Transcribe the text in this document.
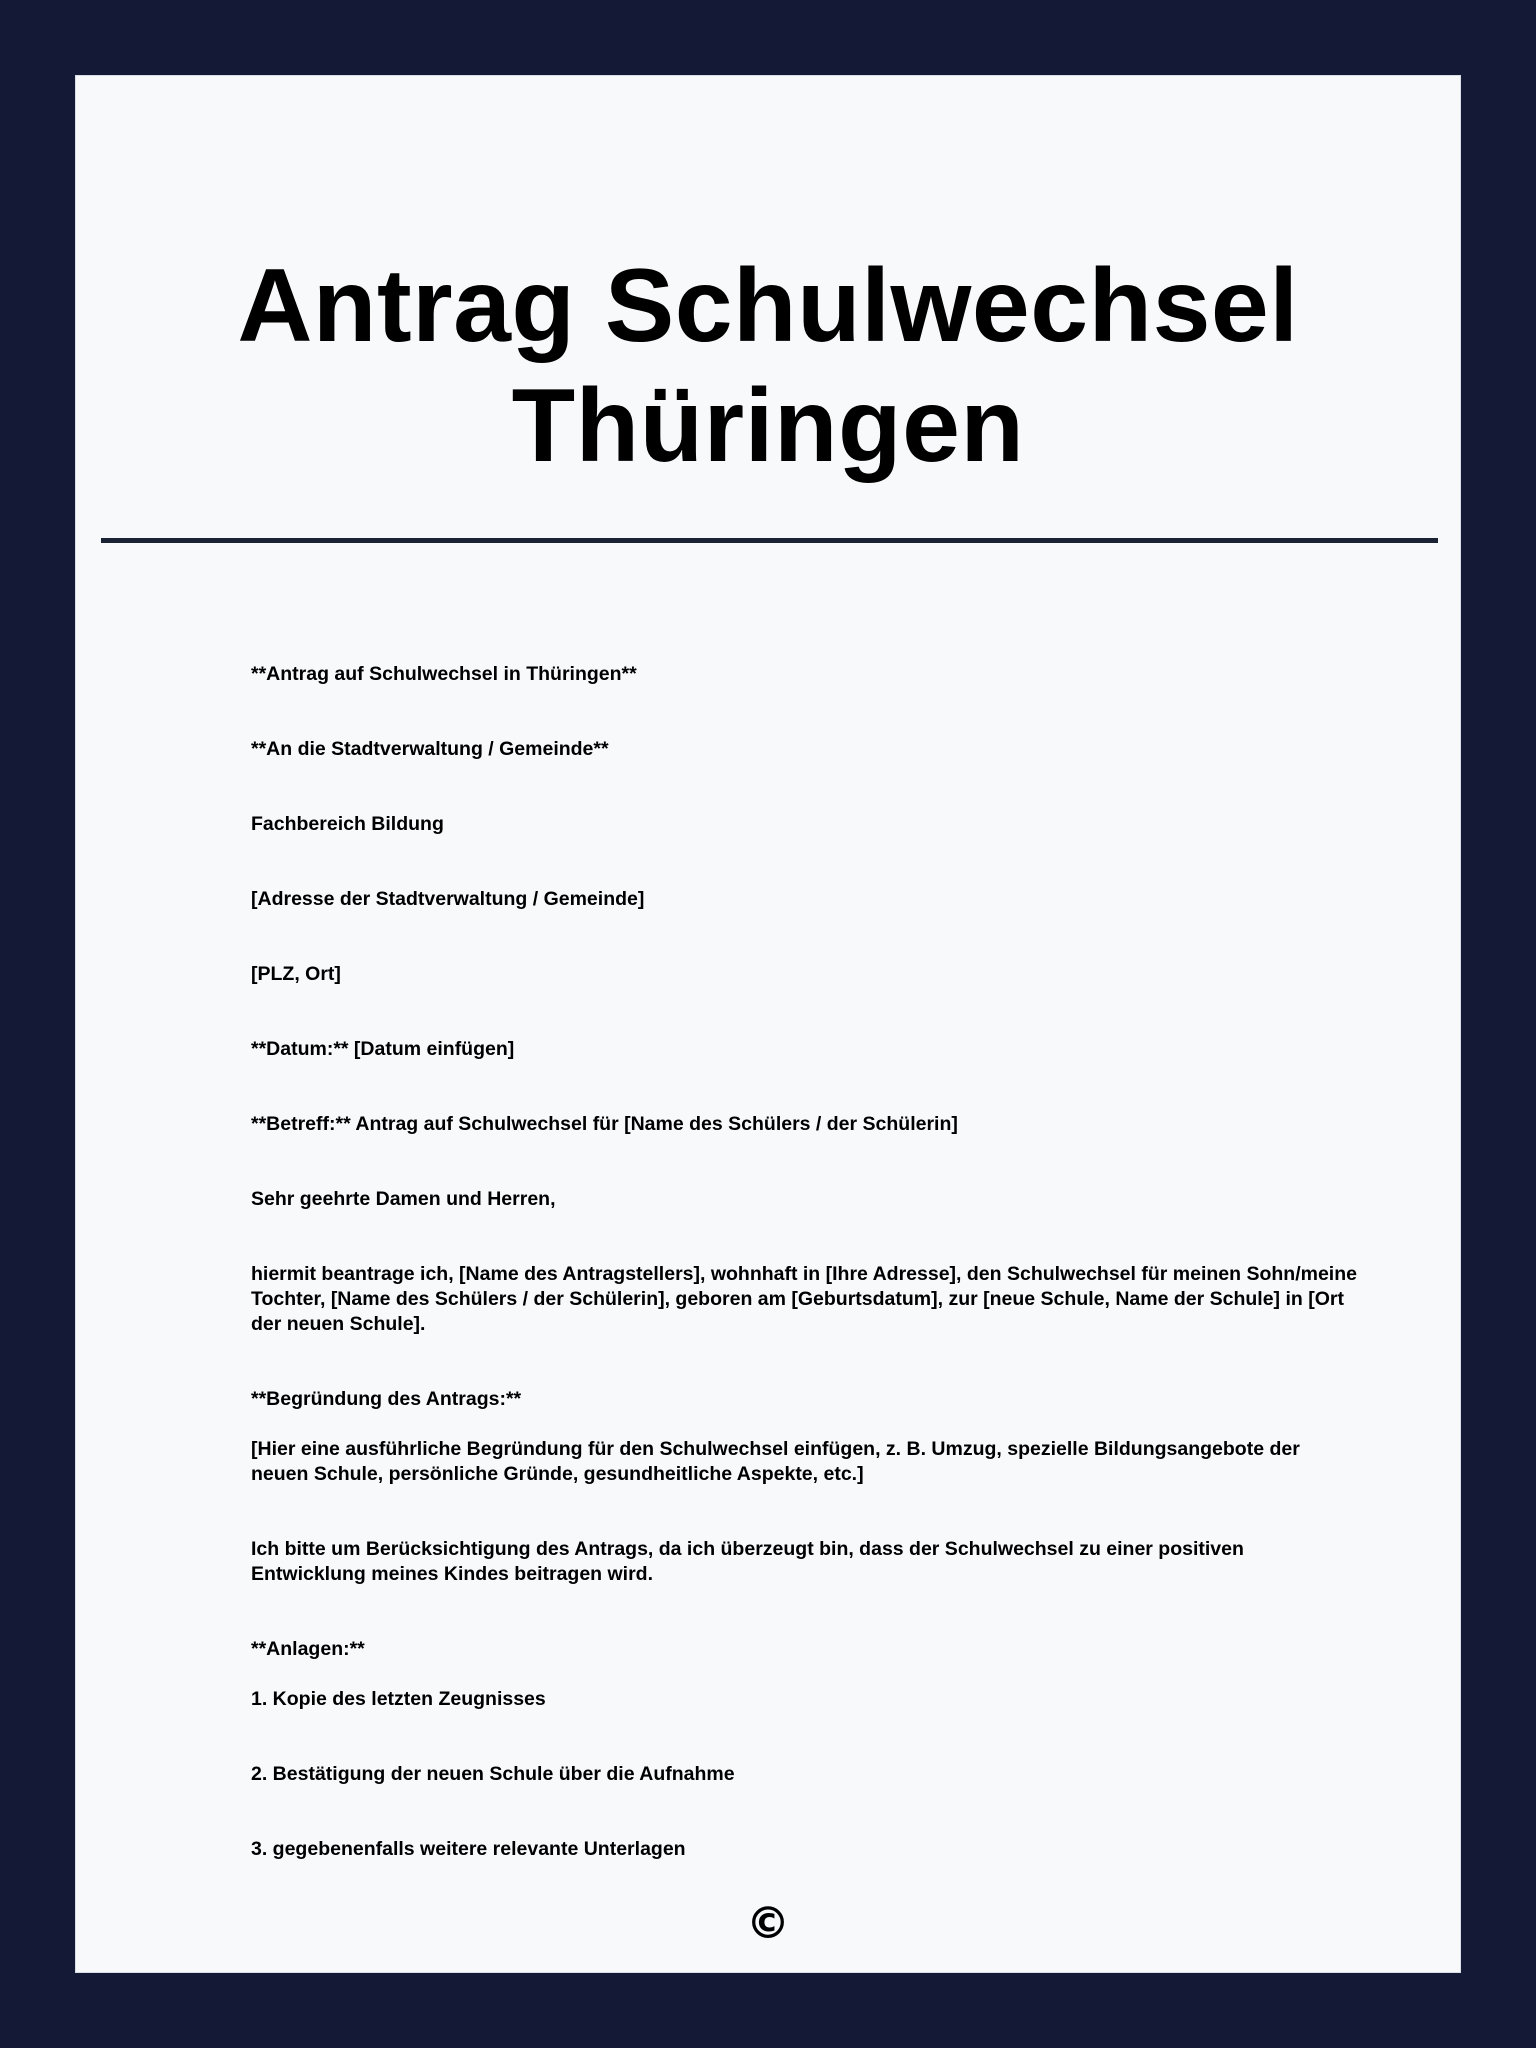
Antrag Schulwechsel
Thüringen
**Antrag auf Schulwechsel in Thüringen**
**An die Stadtverwaltung / Gemeinde**
Fachbereich Bildung
[Adresse der Stadtverwaltung / Gemeinde]
[PLZ, Ort]
**Datum:** [Datum einfügen]
**Betreff:** Antrag auf Schulwechsel für [Name des Schülers / der Schülerin]
Sehr geehrte Damen und Herren,
hiermit beantrage ich, [Name des Antragstellers], wohnhaft in [Ihre Adresse], den Schulwechsel für meinen Sohn/meine Tochter, [Name des Schülers / der Schülerin], geboren am [Geburtsdatum], zur [neue Schule, Name der Schule] in [Ort der neuen Schule].
**Begründung des Antrags:**
[Hier eine ausführliche Begründung für den Schulwechsel einfügen, z. B. Umzug, spezielle Bildungsangebote der neuen Schule, persönliche Gründe, gesundheitliche Aspekte, etc.]
Ich bitte um Berücksichtigung des Antrags, da ich überzeugt bin, dass der Schulwechsel zu einer positiven Entwicklung meines Kindes beitragen wird.
**Anlagen:**
1. Kopie des letzten Zeugnisses
2. Bestätigung der neuen Schule über die Aufnahme
3. gegebenenfalls weitere relevante Unterlagen
©
